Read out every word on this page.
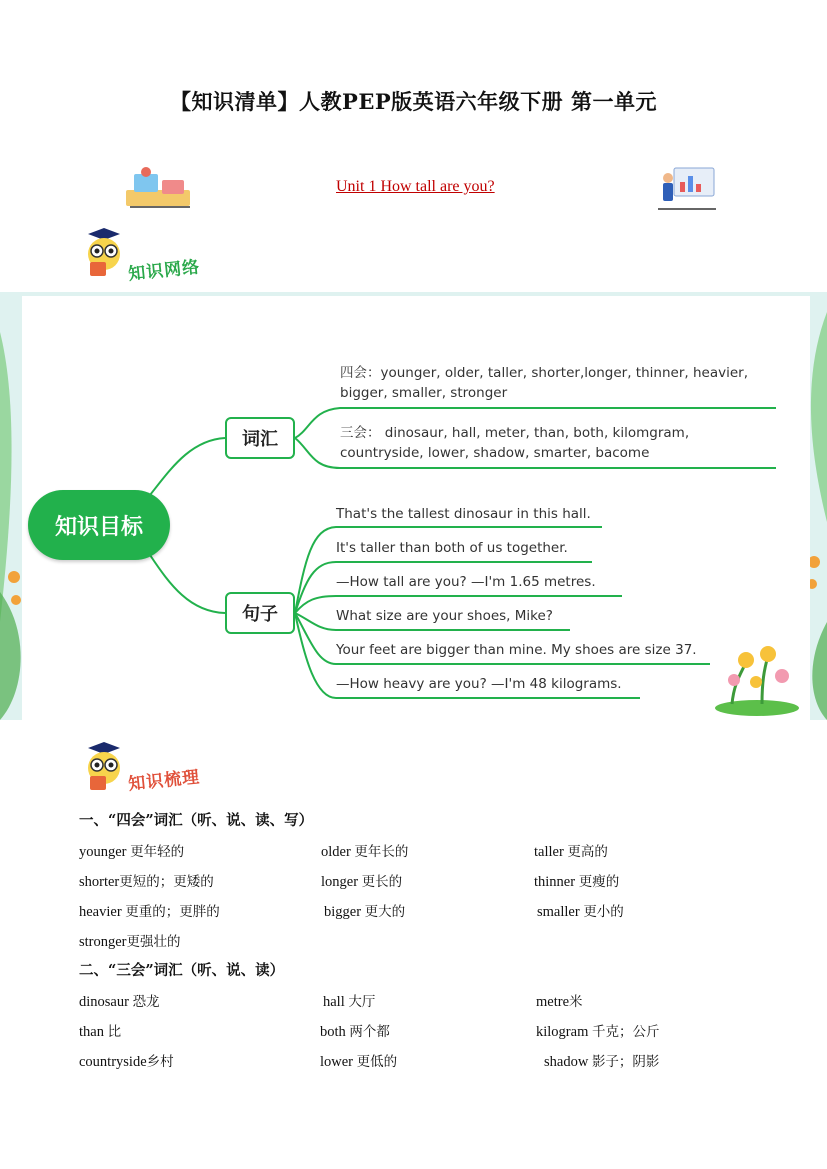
【知识清单】人教PEP版英语六年级下册 第一单元
Unit 1 How tall are you?
知识网络
知识目标
词汇
句子
四会：younger, older, taller, shorter,longer, thinner, heavier,
bigger, smaller, stronger
三会： dinosaur, hall, meter, than, both, kilomgram,
countryside, lower, shadow, smarter, bacome
That's the tallest dinosaur in this hall.
It's taller than both of us together.
—How tall are you? —I'm 1.65 metres.
What size are your shoes, Mike?
Your feet are bigger than mine. My shoes are size 37.
—How heavy are you? —I'm 48 kilograms.
知识梳理
一、“四会”词汇（听、说、读、写）
younger 更年轻的	older 更年长的	taller 更高的
shorter更短的；更矮的	longer 更长的	thinner 更瘦的
heavier 更重的；更胖的	bigger 更大的	smaller 更小的
stronger更强壮的
二、“三会”词汇（听、说、读）
dinosaur 恐龙	hall 大厅	metre米
than 比	both 两个都	kilogram 千克；公斤
countryside乡村	lower 更低的	shadow 影子；阴影
